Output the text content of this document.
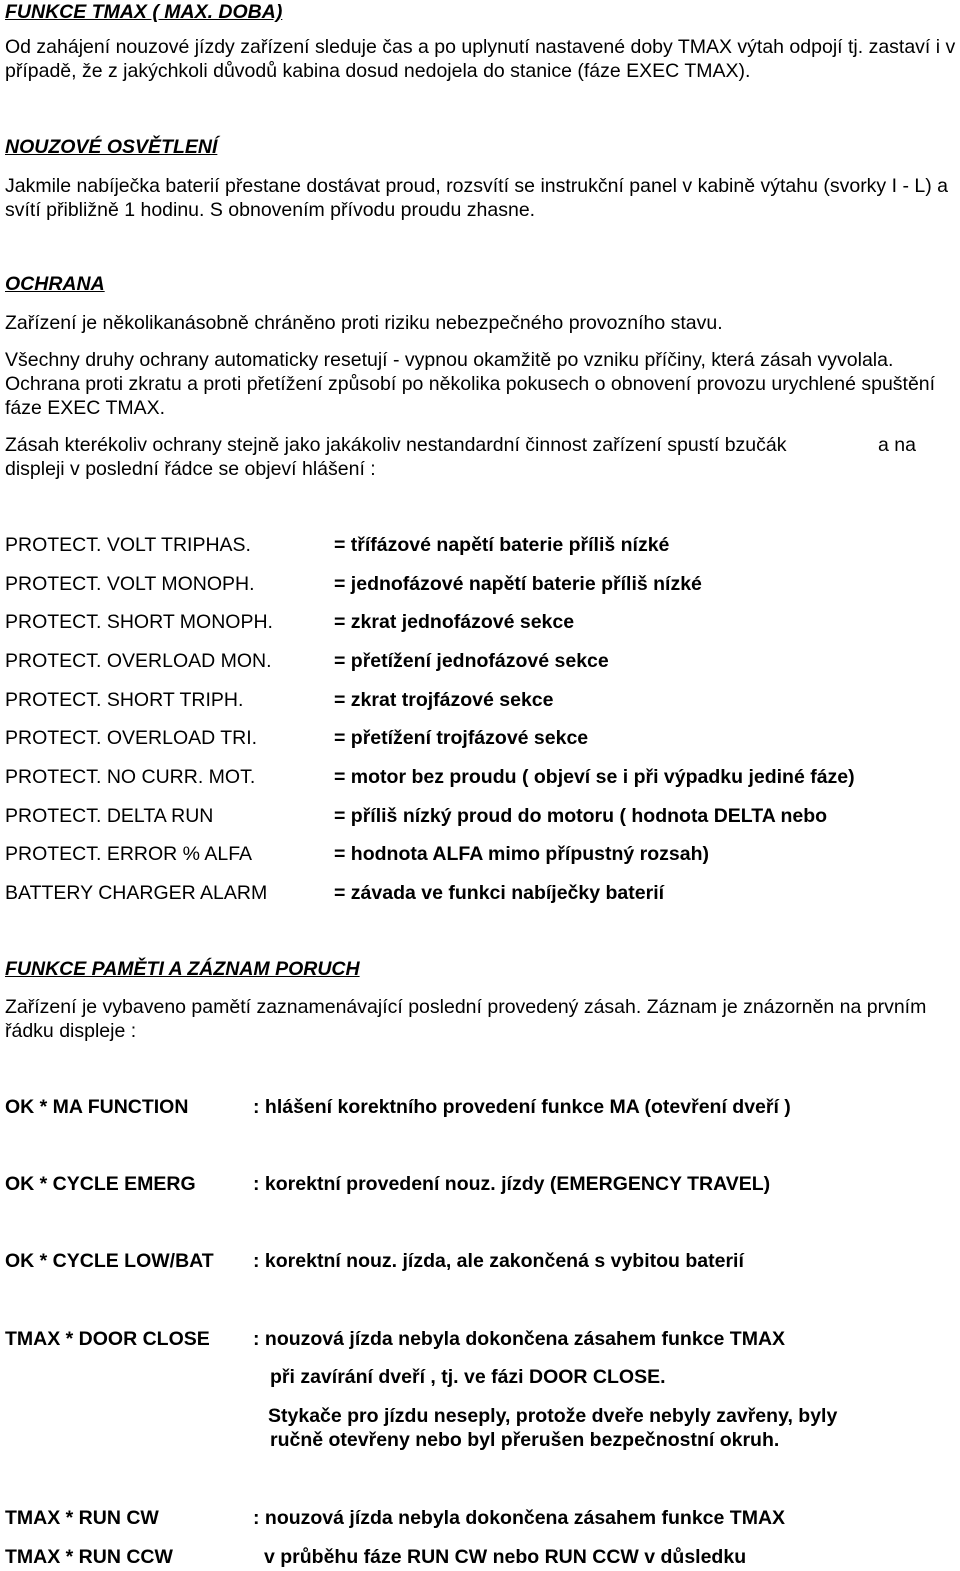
FUNKCE TMAX ( MAX. DOBA)
Od zahájení nouzové jízdy zařízení sleduje čas a po uplynutí nastavené doby TMAX výtah odpojí tj. zastaví i v případě, že z jakýchkoli důvodů kabina dosud nedojela do stanice (fáze EXEC TMAX).
NOUZOVÉ OSVĚTLENÍ
Jakmile nabíječka baterií přestane dostávat proud, rozsvítí se instrukční panel v kabině výtahu (svorky I - L) a svítí přibližně 1 hodinu. S obnovením přívodu proudu zhasne.
OCHRANA
Zařízení je několikanásobně chráněno proti riziku nebezpečného provozního stavu.
Všechny druhy ochrany automaticky resetují - vypnou okamžitě po vzniku příčiny, která zásah vyvolala. Ochrana proti zkratu a proti přetížení způsobí po několika pokusech o obnovení provozu urychlené spuštění fáze EXEC TMAX.
Zásah kterékoliv ochrany stejně jako jakákoliv nestandardní činnost zařízení spustí bzučák	a na
displeji v poslední řádce se objeví hlášení :
PROTECT. VOLT TRIPHAS.	= třífázové napětí baterie příliš nízké
PROTECT. VOLT MONOPH.	= jednofázové napětí baterie příliš nízké
PROTECT. SHORT MONOPH.	= zkrat jednofázové sekce
PROTECT. OVERLOAD MON.	= přetížení jednofázové sekce
PROTECT. SHORT TRIPH.	= zkrat trojfázové sekce
PROTECT. OVERLOAD TRI.	= přetížení trojfázové sekce
PROTECT. NO CURR. MOT.	= motor bez proudu ( objeví se i při výpadku jediné fáze)
PROTECT. DELTA RUN	= příliš nízký proud do motoru ( hodnota DELTA nebo
PROTECT. ERROR % ALFA	= hodnota ALFA mimo přípustný rozsah)
BATTERY CHARGER ALARM	= závada ve funkci nabíječky baterií
FUNKCE PAMĚTI A ZÁZNAM PORUCH
Zařízení je vybaveno pamětí zaznamenávající poslední provedený zásah. Záznam je znázorněn na prvním řádku displeje :
OK * MA FUNCTION	: hlášení korektního provedení funkce MA (otevření dveří )
OK * CYCLE EMERG	: korektní provedení nouz. jízdy (EMERGENCY TRAVEL)
OK * CYCLE LOW/BAT : korektní nouz. jízda, ale zakončená s vybitou baterií
TMAX * DOOR CLOSE : nouzová jízda nebyla dokončena zásahem funkce TMAX
při zavírání dveří , tj. ve fázi DOOR CLOSE.
Stykače pro jízdu neseply, protože dveře nebyly zavřeny, byly
ručně otevřeny nebo byl přerušen bezpečnostní okruh.
TMAX * RUN CW	: nouzová jízda nebyla dokončena zásahem funkce TMAX
TMAX * RUN CCW	v průběhu fáze RUN CW nebo RUN CCW v důsledku
